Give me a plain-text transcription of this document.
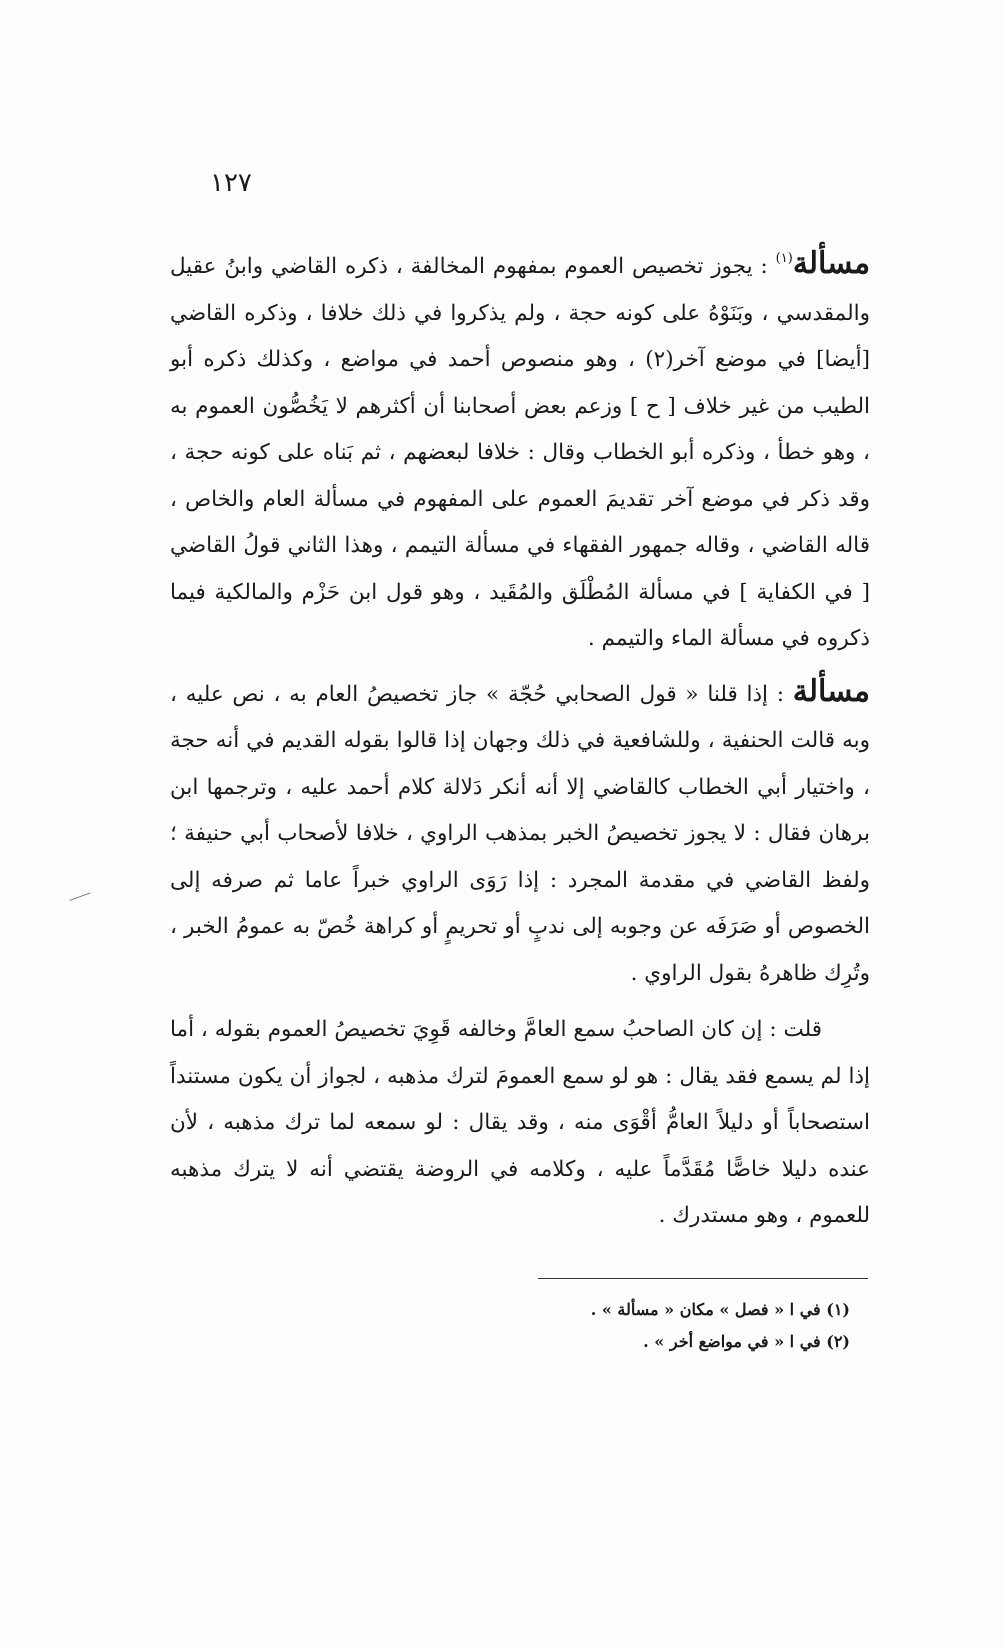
١٢٧

مسألة$^{(١)}$ : يجوز تخصيص العموم بمفهوم المخالفة ، ذكره القاضي وابنُ عقيل والمقدسي ، وبَنَوْهُ على كونه حجة ، ولم يذكروا في ذلك خلافا ، وذكره القاضي [أيضا] في موضع آخر(٢) ، وهو منصوص أحمد في مواضع ، وكذلك ذكره أبو الطيب من غير خلاف [ ح ] وزعم بعض أصحابنا أن أكثرهم لا يَخُصُّون العموم به ، وهو خطأ ، وذكره أبو الخطاب وقال : خلافا لبعضهم ، ثم بَناه على كونه حجة ، وقد ذكر في موضع آخر تقديمَ العموم على المفهوم في مسألة العام والخاص ، قاله القاضي ، وقاله جمهور الفقهاء في مسألة التيمم ، وهذا الثاني قولُ القاضي [ في الكفاية ] في مسألة المُطْلَق والمُقَيد ، وهو قول ابن حَزْم والمالكية فيما ذكروه في مسألة الماء والتيمم .

مسألة : إذا قلنا « قول الصحابي حُجّة » جاز تخصيصُ العام به ، نص عليه ، وبه قالت الحنفية ، وللشافعية في ذلك وجهان إذا قالوا بقوله القديم في أنه حجة ، واختيار أبي الخطاب كالقاضي إلا أنه أنكر دَلالة كلام أحمد عليه ، وترجمها ابن برهان فقال : لا يجوز تخصيصُ الخبر بمذهب الراوي ، خلافا لأصحاب أبي حنيفة ؛ ولفظ القاضي في مقدمة المجرد : إذا رَوَى الراوي خبراً عاما ثم صرفه إلى الخصوص أو صَرَفَه عن وجوبه إلى ندبٍ أو تحريمٍ أو كراهة خُصّ به عمومُ الخبر ، وتُرِك ظاهرهُ بقول الراوي .

قلت : إن كان الصاحبُ سمع العامَّ وخالفه قَوِيَ تخصيصُ العموم بقوله ، أما إذا لم يسمع فقد يقال : هو لو سمع العمومَ لترك مذهبه ، لجواز أن يكون مستنداً استصحاباً أو دليلاً العامُّ أقْوَى منه ، وقد يقال : لو سمعه لما ترك مذهبه ، لأن عنده دليلا خاصًّا مُقَدَّماً عليه ، وكلامه في الروضة يقتضي أنه لا يترك مذهبه للعموم ، وهو مستدرك .

(١) في ا « فصل » مكان « مسألة » .

(٢) في ا « في مواضع أخر » .
